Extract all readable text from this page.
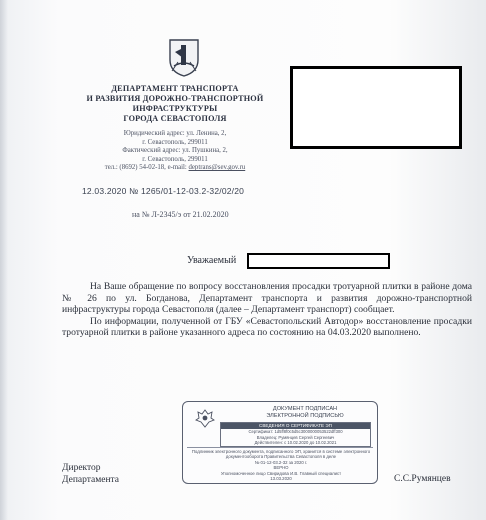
ДЕПАРТАМЕНТ ТРАНСПОРТА
И РАЗВИТИЯ ДОРОЖНО-ТРАНСПОРТНОЙ
ИНФРАСТРУКТУРЫ
ГОРОДА СЕВАСТОПОЛЯ
Юридический адрес: ул. Ленина, 2,
г. Севастополь, 299011
Фактический адрес: ул. Пушкина, 2,
г. Севастополь, 299011
тел.: (8692) 54-02-18, e-mail: deptrans@sev.gov.ru
12.03.2020 № 1265/01-12-03.2-32/02/20
на № Л-2345/э от 21.02.2020
Уважаемый

На Ваше обращение по вопросу восстановления просадки тротуарной плитки в районе дома № 26 по ул. Богданова, Департамент транспорта и развития дорожно-транспортной инфраструктуры города Севастополя (далее – Департамент транспорт) сообщает.

По информации, полученной от ГБУ «Севастопольский Автодор» восстановление просадки тротуарной плитки в районе указанного адреса по состоянию на 04.03.2020 выполнено.

ДОКУМЕНТ ПОДПИСАН
ЭЛЕКТРОННОЙ ПОДПИСЬЮ
СВЕДЕНИЯ О СЕРТИФИКАТЕ ЭП
Сертификат: 1d5ff8f0c5d5c3000000053522dff300
Владелец: Румянцев Сергей Сергеевич
Действителен: с 10.02.2020 до 10.02.2021
Подлинник электронного документа, подписанного ЭП, хранится в системе электронного
документооборота Правительства Севастополя в деле
№ 01-12-03.2-32 за 2020 г.
ВЕРНО
Уполномоченное лицо Свиридова И.В. Главный специалист
13.03.2020
Директор
Департамента	С.С.Румянцев
